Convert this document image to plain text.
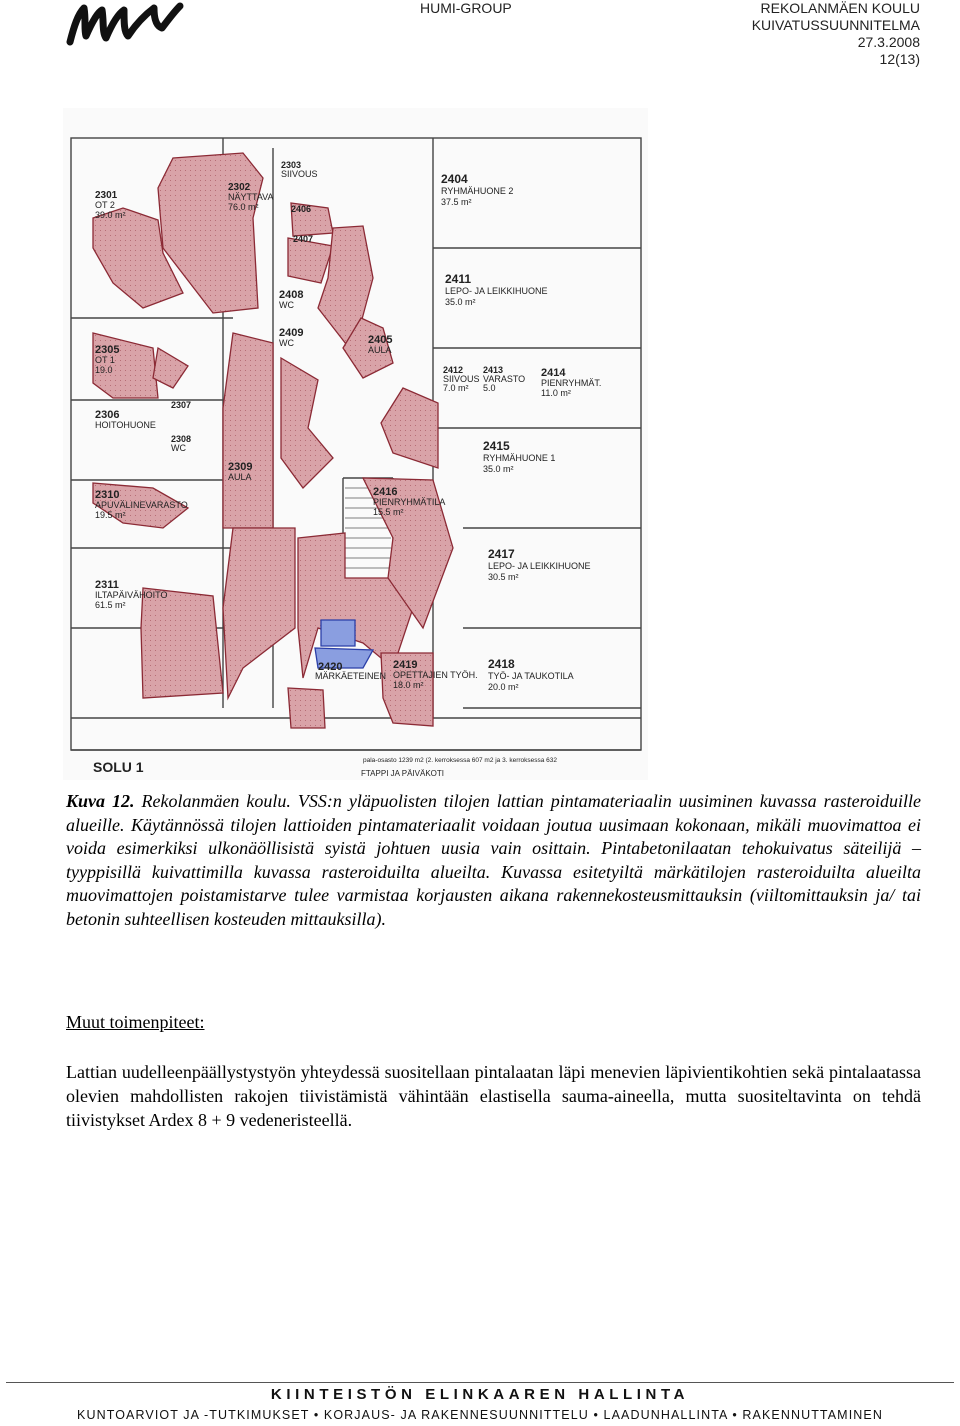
HUMI-GROUP	REKOLANMÄEN KOULU
KUIVATUSSUUNNITELMA
27.3.2008
12(13)
2301
OT 2
39.0 m²
2302
NÄYTTAVA
76.0 m²
2303
SIIVOUS	2404
RYHMÄHUONE 2
37.5 m²
2406
2407
2408
WC
2409
WC
2411
LEPO- JA LEIKKIHUONE
35.0 m²
2405
AULA
2305
OT 1
19.0	2412
SIIVOUS
7.0 m²
2413
VARASTO
5.0
2414
PIENRYHMÄT.
11.0 m²
2306
HOITOHUONE
2307
2308
WC
2309
AULA
2415
RYHMÄHUONE 1
35.0 m²
2310
APUVÄLINEVARASTO
19.5 m²
2416
PIENRYHMÄTILA
15.5 m²
2417
LEPO- JA LEIKKIHUONE
30.5 m²
2311
ILTAPÄIVÄHOITO
61.5 m²
2420
MÄRKÄETEINEN
2419
OPETTAJIEN TYÖH.
18.0 m²
2418
TYÖ- JA TAUKOTILA
20.0 m²
SOLU 1	FTAPPI JA PÄIVÄKOTI
pala-osasto 1239 m2 (2. kerroksessa 607 m2 ja 3. kerroksessa 632
Kuva 12. Rekolanmäen koulu. VSS:n yläpuolisten tilojen lattian pintamateriaalin uusiminen kuvassa rasteroiduille alueille. Käytännössä tilojen lattioiden pintamateriaalit voidaan joutua uusimaan kokonaan, mikäli muovimattoa ei voida esimerkiksi ulkonäöllisistä syistä johtuen uusia vain osittain. Pintabetonilaatan tehokuivatus säteilijä –tyyppisillä kuivattimilla kuvassa rasteroiduilta alueilta. Kuvassa esitetyiltä märkätilojen rasteroiduilta alueilta muovimattojen poistamistarve tulee varmistaa korjausten aikana rakennekosteusmittauksin (viiltomittauksin ja/ tai betonin suhteellisen kosteuden mittauksilla).
Muut toimenpiteet:
Lattian uudelleenpäällystystyön yhteydessä suositellaan pintalaatan läpi menevien läpivientikohtien sekä pintalaatassa olevien mahdollisten rakojen tiivistämistä vähintään elastisella sauma-aineella, mutta suositeltavinta on tehdä tiivistykset Ardex 8 + 9 vedeneristeellä.
KIINTEISTÖN ELINKAAREN HALLINTA
KUNTOARVIOT JA -TUTKIMUKSET • KORJAUS- JA RAKENNESUUNNITTELU • LAADUNHALLINTA • RAKENNUTTAMINEN
